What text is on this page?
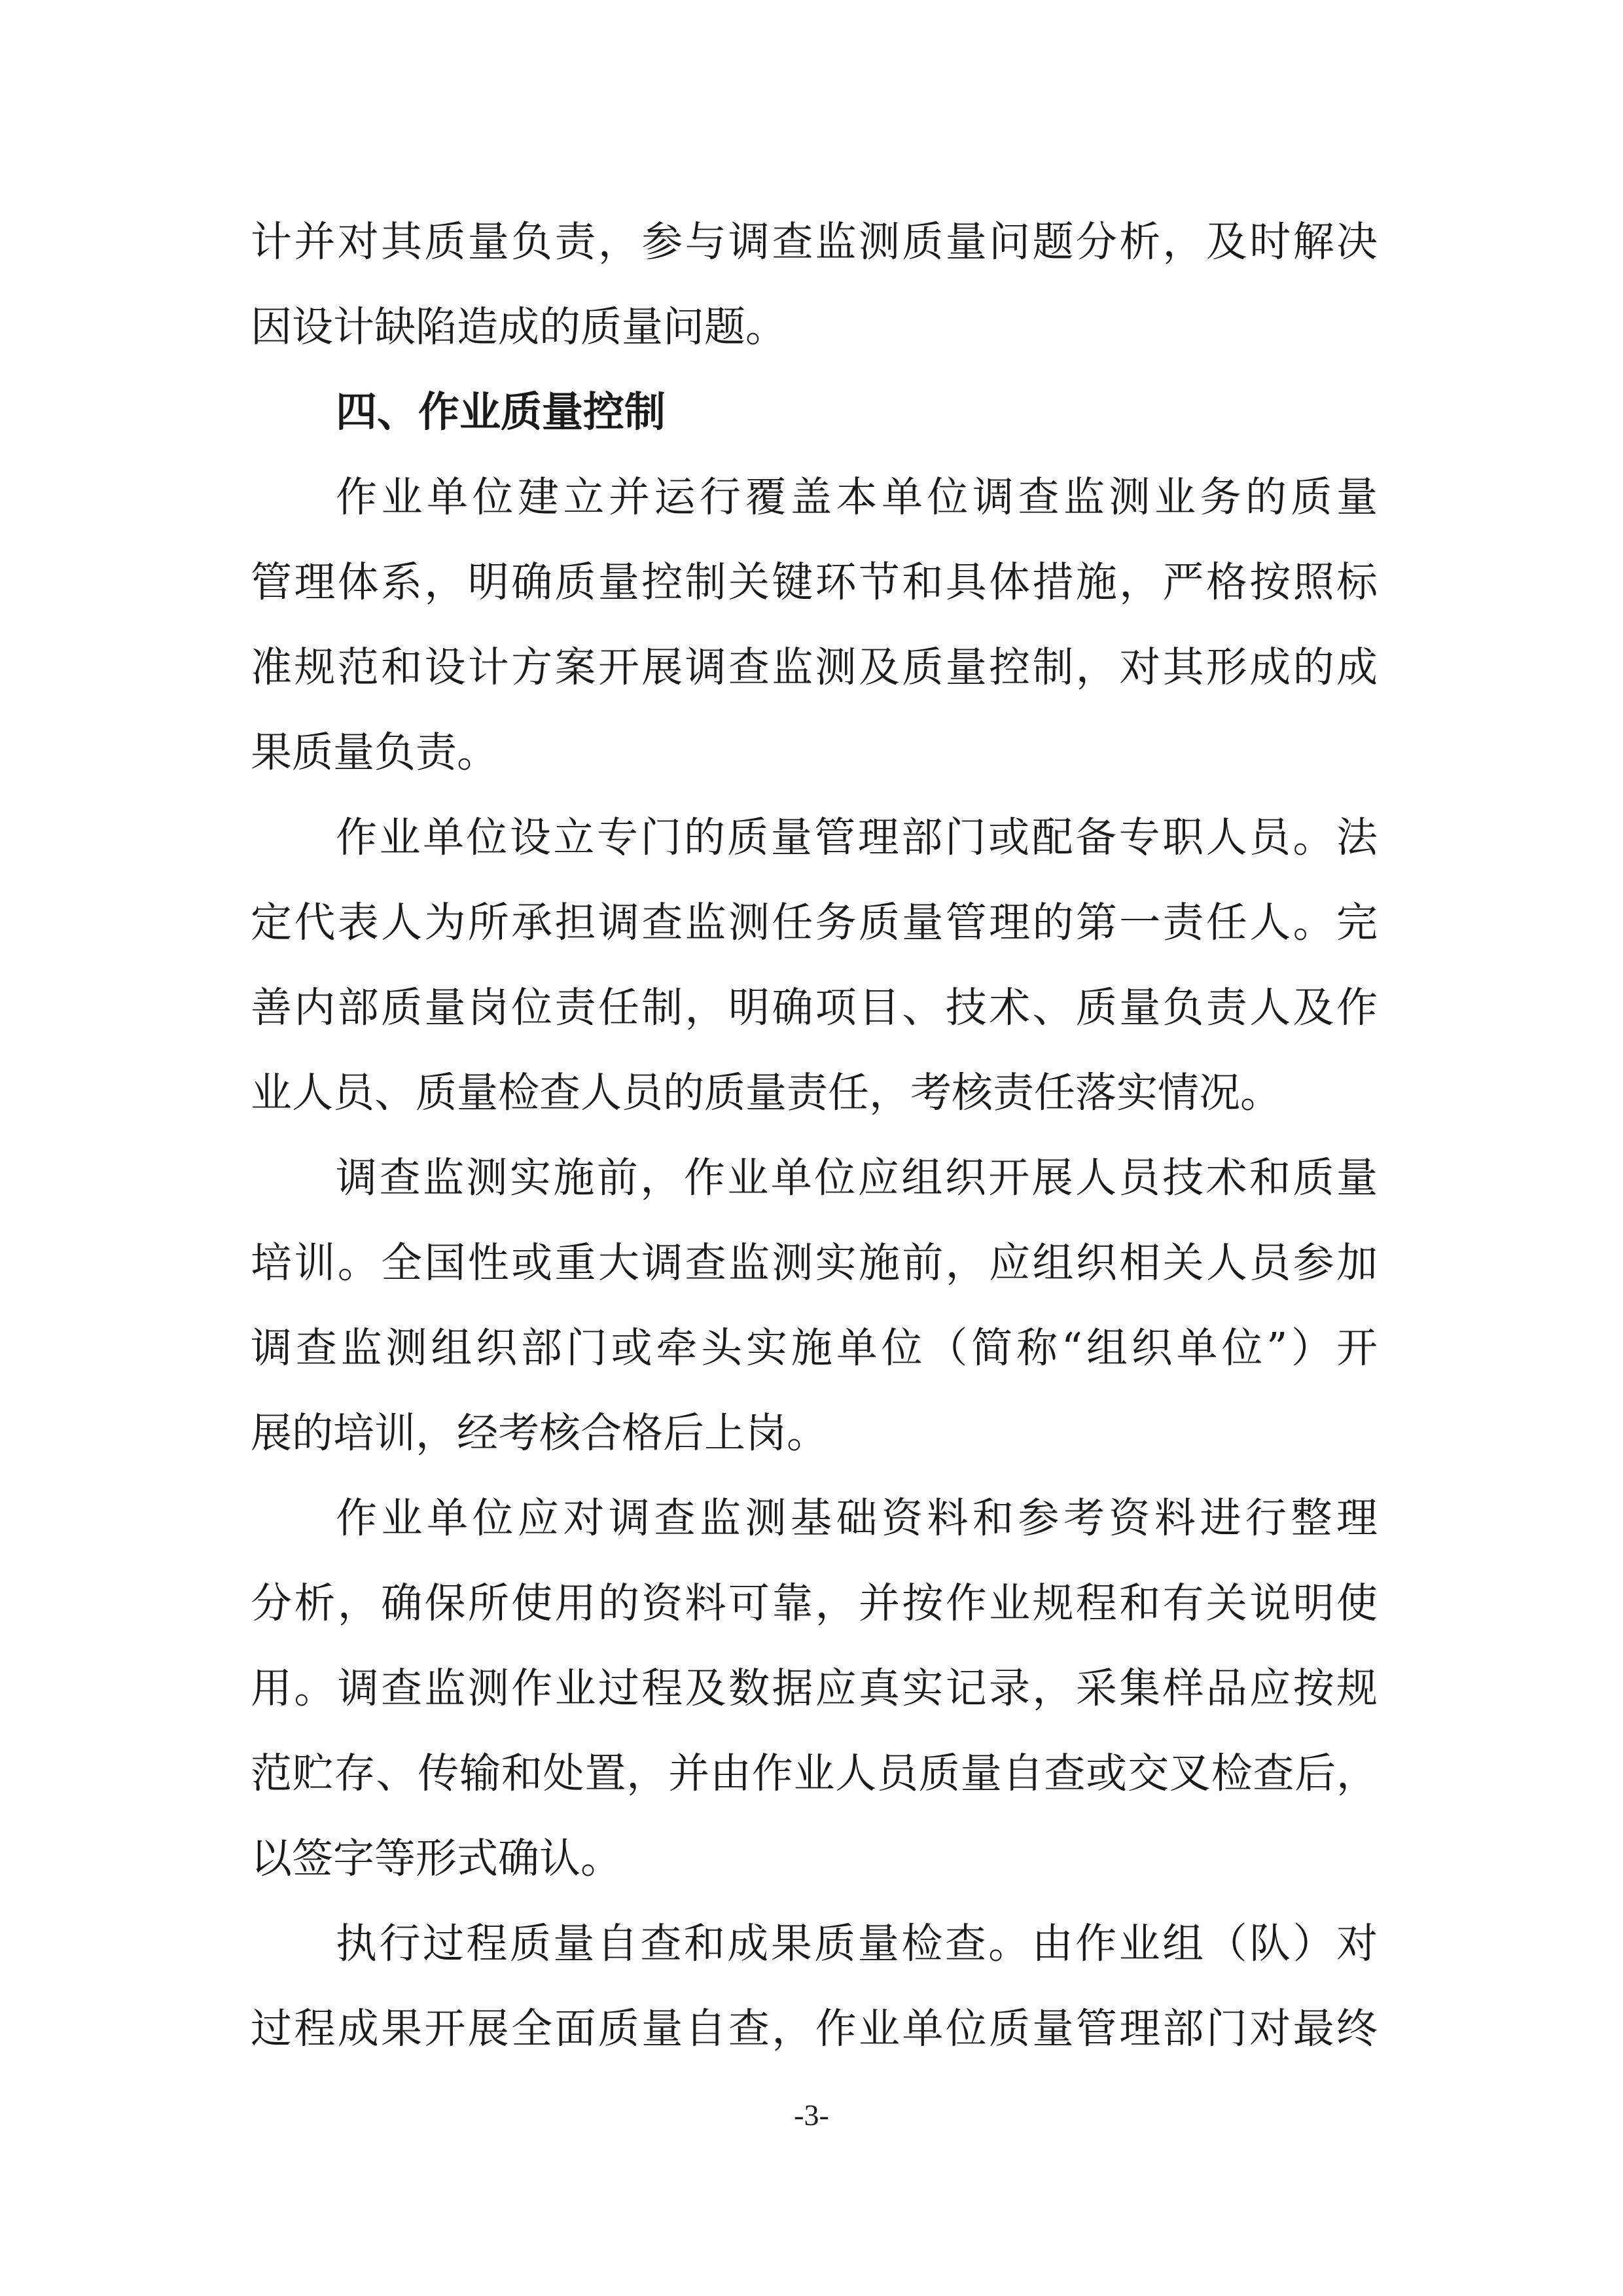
计并对其质量负责，参与调查监测质量问题分析，及时解决
因设计缺陷造成的质量问题。
四、作业质量控制
作业单位建立并运行覆盖本单位调查监测业务的质量
管理体系，明确质量控制关键环节和具体措施，严格按照标
准规范和设计方案开展调查监测及质量控制，对其形成的成
果质量负责。
作业单位设立专门的质量管理部门或配备专职人员。法
定代表人为所承担调查监测任务质量管理的第一责任人。完
善内部质量岗位责任制，明确项目、技术、质量负责人及作
业人员、质量检查人员的质量责任，考核责任落实情况。
调查监测实施前，作业单位应组织开展人员技术和质量
培训。全国性或重大调查监测实施前，应组织相关人员参加
调查监测组织部门或牵头实施单位（简称“组织单位”）开
展的培训，经考核合格后上岗。
作业单位应对调查监测基础资料和参考资料进行整理
分析，确保所使用的资料可靠，并按作业规程和有关说明使
用。调查监测作业过程及数据应真实记录，采集样品应按规
范贮存、传输和处置，并由作业人员质量自查或交叉检查后，
以签字等形式确认。
执行过程质量自查和成果质量检查。由作业组（队）对
过程成果开展全面质量自查，作业单位质量管理部门对最终
-3-
